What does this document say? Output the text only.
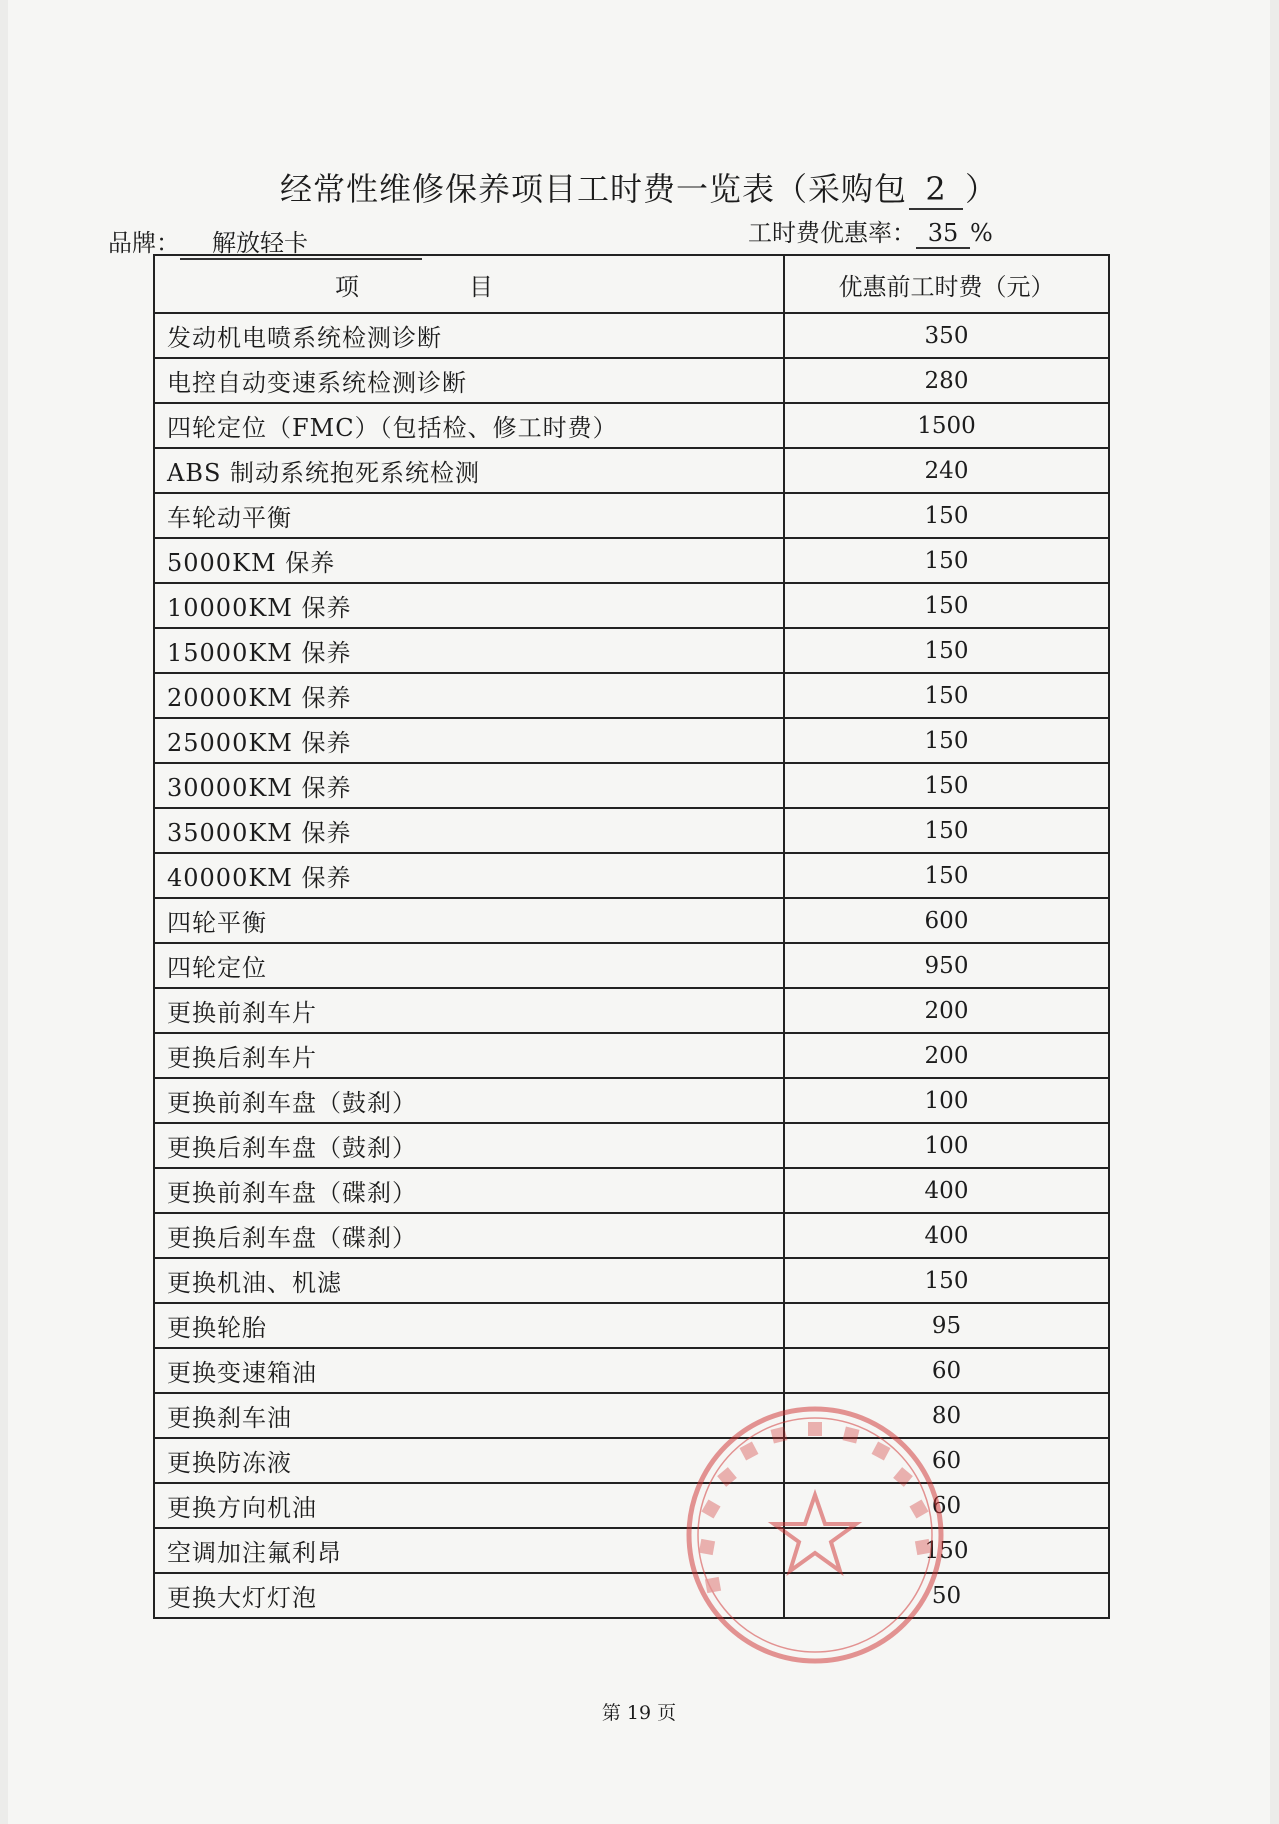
经常性维修保养项目工时费一览表（采购包 2 ）
品牌： 解放轻卡	工时费优惠率： 35 %
项目	优惠前工时费（元）
发动机电喷系统检测诊断	350
电控自动变速系统检测诊断	280
四轮定位（FMC）（包括检、修工时费）	1500
ABS 制动系统抱死系统检测	240
车轮动平衡	150
5000KM 保养	150
10000KM 保养	150
15000KM 保养	150
20000KM 保养	150
25000KM 保养	150
30000KM 保养	150
35000KM 保养	150
40000KM 保养	150
四轮平衡	600
四轮定位	950
更换前刹车片	200
更换后刹车片	200
更换前刹车盘（鼓刹）	100
更换后刹车盘（鼓刹）	100
更换前刹车盘（碟刹）	400
更换后刹车盘（碟刹）	400
更换机油、机滤	150
更换轮胎	95
更换变速箱油	60
更换刹车油	80
更换防冻液	60
更换方向机油	60
空调加注氟利昂	150
更换大灯灯泡	50
第 19 页
